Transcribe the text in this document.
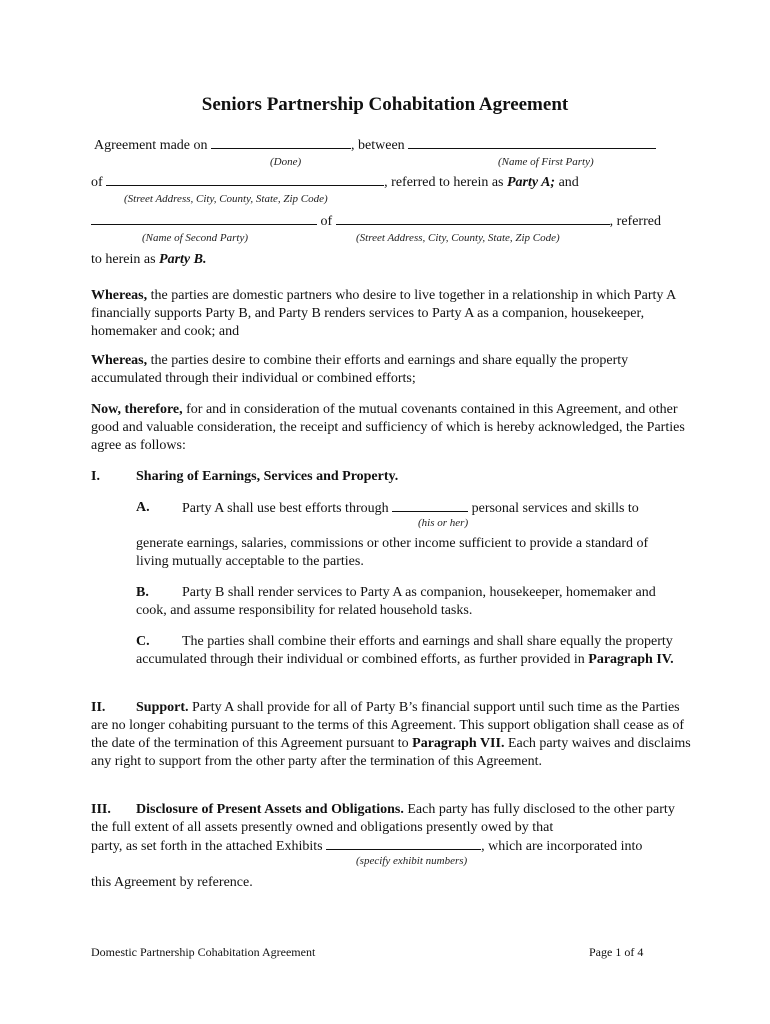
Seniors Partnership Cohabitation Agreement
Agreement made on	, between
(Done)	(Name of First Party)
of	, referred to herein as Party A; and
(Street Address, City, County, State, Zip Code)
of	, referred
(Name of Second Party)	(Street Address, City, County, State, Zip Code)
to herein as Party B.
Whereas, the parties are domestic partners who desire to live together in a relationship in which Party A financially supports Party B, and Party B renders services to Party A as a companion, housekeeper, homemaker and cook; and
Whereas, the parties desire to combine their efforts and earnings and share equally the property accumulated through their individual or combined efforts;
Now, therefore, for and in consideration of the mutual covenants contained in this Agreement, and other good and valuable consideration, the receipt and sufficiency of which is hereby acknowledged, the Parties agree as follows:
I.	Sharing of Earnings, Services and Property.
A. Party A shall use best efforts through	personal services and skills to
(his or her)
generate earnings, salaries, commissions or other income sufficient to provide a standard of living mutually acceptable to the parties.
B.	Party B shall render services to Party A as companion, housekeeper, homemaker and cook, and assume responsibility for related household tasks.
C.	The parties shall combine their efforts and earnings and shall share equally the property accumulated through their individual or combined efforts, as further provided in Paragraph IV.
II.	Support. Party A shall provide for all of Party B’s financial support until such time as the Parties are no longer cohabiting pursuant to the terms of this Agreement. This support obligation shall cease as of the date of the termination of this Agreement pursuant to Paragraph VII. Each party waives and disclaims any right to support from the other party after the termination of this Agreement.
III.	Disclosure of Present Assets and Obligations. Each party has fully disclosed to the other party the full extent of all assets presently owned and obligations presently owed by that
party, as set forth in the attached Exhibits	, which are incorporated into
(specify exhibit numbers)
this Agreement by reference.
Domestic Partnership Cohabitation Agreement	Page 1 of 4
